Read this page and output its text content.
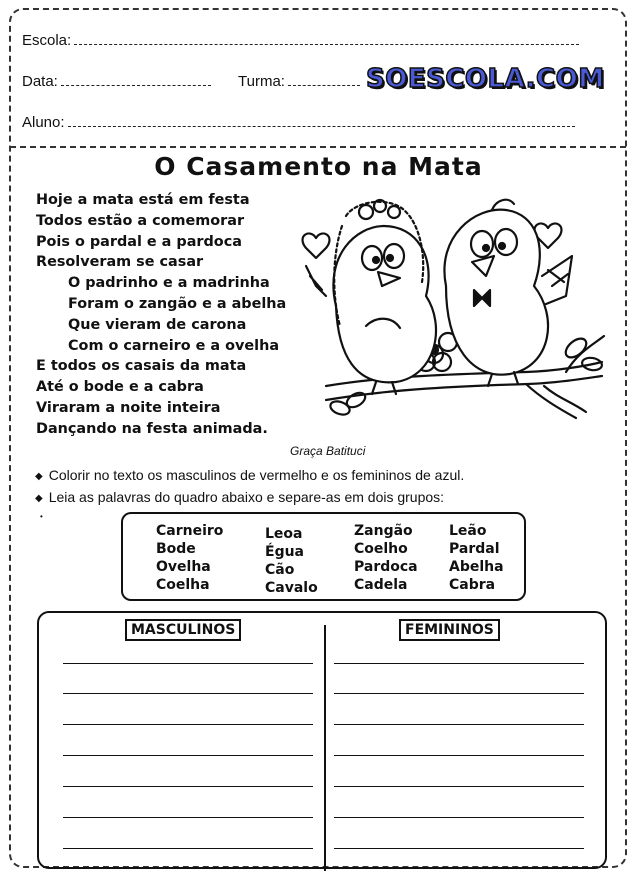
Escola:
Data:	Turma:
Aluno:
SOESCOLA.COM
O Casamento na Mata
Hoje a mata está em festa
Todos estão a comemorar
Pois o pardal e a pardoca
Resolveram se casar
O padrinho e a madrinha
Foram o zangão e a abelha
Que vieram de carona
Com o carneiro e a ovelha
E todos os casais da mata
Até o bode e a cabra
Viraram a noite inteira
Dançando na festa animada.
Graça Batituci
◆ Colorir no texto os masculinos de vermelho e os femininos de azul.
◆ Leia as palavras do quadro abaixo e separe-as em dois grupos:
•
Carneiro
Bode
Ovelha
Coelha
Leoa
Égua
Cão
Cavalo
Zangão
Coelho
Pardoca
Cadela
Leão
Pardal
Abelha
Cabra
MASCULINOS	FEMININOS
